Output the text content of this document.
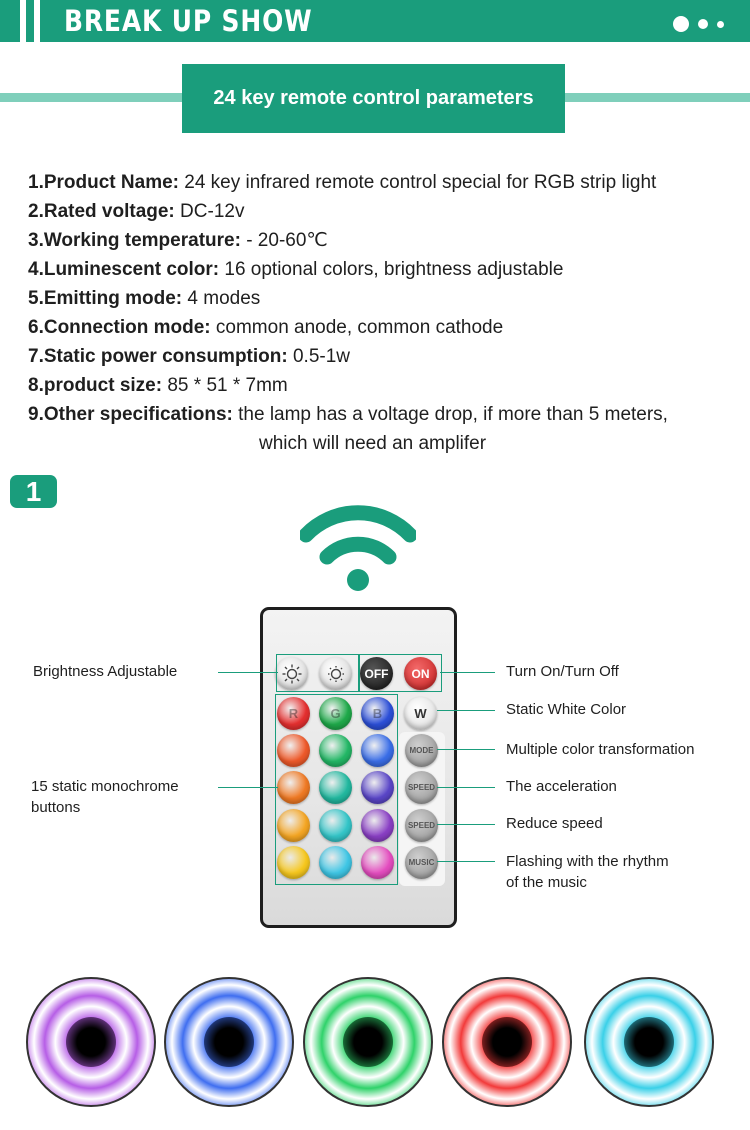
BREAK UP SHOW
24 key remote control parameters
1.Product Name: 24 key infrared remote control special for RGB strip light
2.Rated voltage: DC-12v
3.Working temperature: - 20-60℃
4.Luminescent color: 16 optional colors, brightness adjustable
5.Emitting mode: 4 modes
6.Connection mode: common anode, common cathode
7.Static power consumption: 0.5-1w
8.product size: 85 * 51 * 7mm
9.Other specifications: the lamp has a voltage drop, if more than 5 meters,
which will need an amplifer
1
OFF ON
R G B W
MODE
SPEED
SPEED
MUSIC
Brightness Adjustable
15 static monochrome
buttons
Turn On/Turn Off
Static White Color
Multiple color transformation
The acceleration
Reduce speed
Flashing with the rhythm
of the music
